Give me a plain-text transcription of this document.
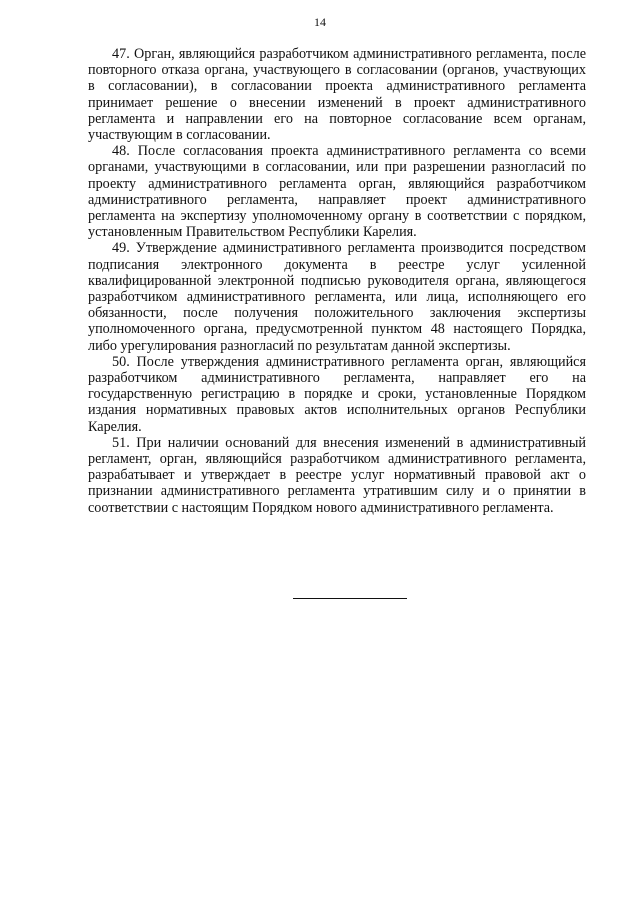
14

47. Орган, являющийся разработчиком административного регламента, после повторного отказа органа, участвующего в согласовании (органов, участвующих в согласовании), в согласовании проекта административного регламента принимает решение о внесении изменений в проект административного регламента и направлении его на повторное согласование всем органам, участвующим в согласовании.

48. После согласования проекта административного регламента со всеми органами, участвующими в согласовании, или при разрешении разногласий по проекту административного регламента орган, являющийся разработчиком административного регламента, направляет проект административного регламента на экспертизу уполномоченному органу в соответствии с порядком, установленным Правительством Республики Карелия.

49. Утверждение административного регламента производится посредством подписания электронного документа в реестре услуг усиленной квалифицированной электронной подписью руководителя органа, являющегося разработчиком административного регламента, или лица, исполняющего его обязанности, после получения положительного заключения экспертизы уполномоченного органа, предусмотренной пунктом 48 настоящего Порядка, либо урегулирования разногласий по результатам данной экспертизы.

50. После утверждения административного регламента орган, являющийся разработчиком административного регламента, направляет его на государственную регистрацию в порядке и сроки, установленные Порядком издания нормативных правовых актов исполнительных органов Республики Карелия.

51. При наличии оснований для внесения изменений в административный регламент, орган, являющийся разработчиком административного регламента, разрабатывает и утверждает в реестре услуг нормативный правовой акт о признании административного регламента утратившим силу и о принятии в соответствии с настоящим Порядком нового административного регламента.
